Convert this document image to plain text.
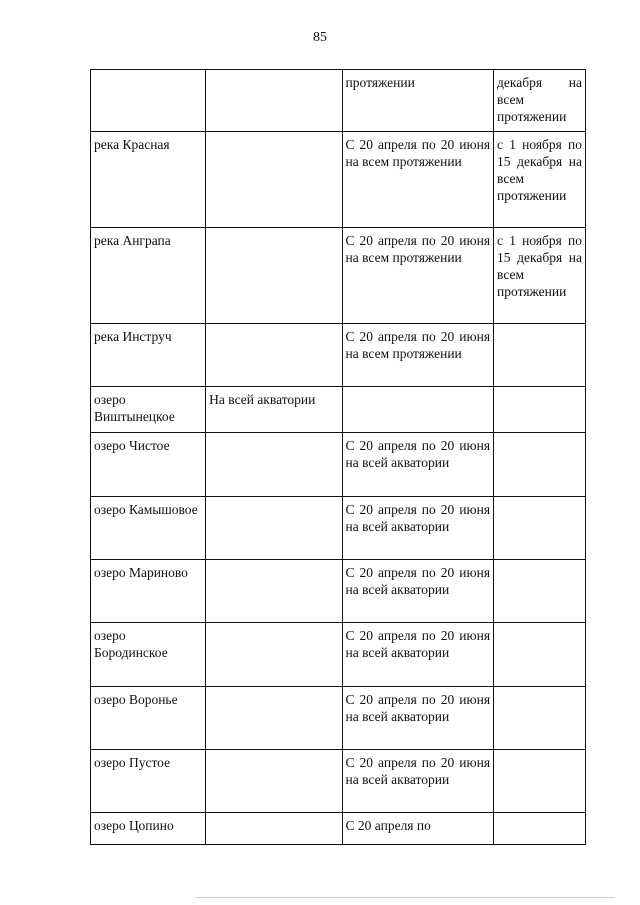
85
		протяжении	декабря на всем протяжении
река Красная		С 20 апреля по 20 июня на всем протяжении	с 1 ноября по 15 декабря на всем протяжении
река Анграпа		С 20 апреля по 20 июня на всем протяжении	с 1 ноября по 15 декабря на всем протяжении
река Инструч		С 20 апреля по 20 июня на всем протяжении	
озеро Виштынецкое	На всей акватории		
озеро Чистое		С 20 апреля по 20 июня на всей акватории	
озеро Камышовое		С 20 апреля по 20 июня на всей акватории	
озеро Мариново		С 20 апреля по 20 июня на всей акватории	
озеро Бородинское		С 20 апреля по 20 июня на всей акватории	
озеро Воронье		С 20 апреля по 20 июня на всей акватории	
озеро Пустое		С 20 апреля по 20 июня на всей акватории	
озеро Цопино		С 20 апреля по	
